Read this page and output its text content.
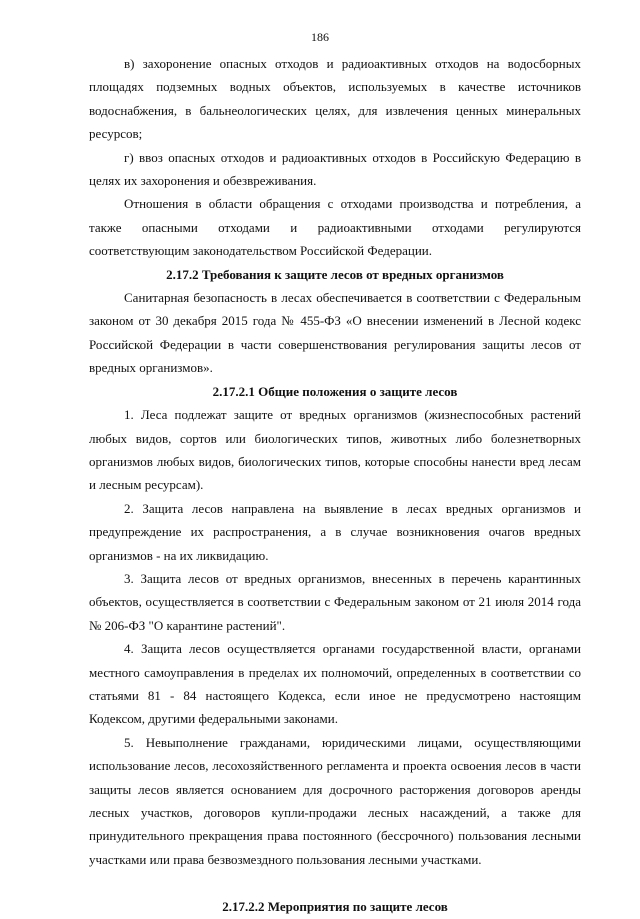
186

в) захоронение опасных отходов и радиоактивных отходов на водосборных площадях подземных водных объектов, используемых в качестве источников водоснабжения, в бальнеологических целях, для извлечения ценных минеральных ресурсов;

г) ввоз опасных отходов и радиоактивных отходов в Российскую Федерацию в целях их захоронения и обезвреживания.

Отношения в области обращения с отходами производства и потребления, а также опасными отходами и радиоактивными отходами регулируются соответствующим законодательством Российской Федерации.

2.17.2 Требования к защите лесов от вредных организмов

Санитарная безопасность в лесах обеспечивается в соответствии с Федеральным законом от 30 декабря 2015 года № 455-ФЗ «О внесении изменений в Лесной кодекс Российской Федерации в части совершенствования регулирования защиты лесов от вредных организмов».

2.17.2.1 Общие положения о защите лесов

1. Леса подлежат защите от вредных организмов (жизнеспособных растений любых видов, сортов или биологических типов, животных либо болезнетворных организмов любых видов, биологических типов, которые способны нанести вред лесам и лесным ресурсам).

2. Защита лесов направлена на выявление в лесах вредных организмов и предупреждение их распространения, а в случае возникновения очагов вредных организмов - на их ликвидацию.

3. Защита лесов от вредных организмов, внесенных в перечень карантинных объектов, осуществляется в соответствии с Федеральным законом от 21 июля 2014 года № 206-ФЗ "О карантине растений".

4. Защита лесов осуществляется органами государственной власти, органами местного самоуправления в пределах их полномочий, определенных в соответствии со статьями 81 - 84 настоящего Кодекса, если иное не предусмотрено настоящим Кодексом, другими федеральными законами.

5. Невыполнение гражданами, юридическими лицами, осуществляющими использование лесов, лесохозяйственного регламента и проекта освоения лесов в части защиты лесов является основанием для досрочного расторжения договоров аренды лесных участков, договоров купли-продажи лесных насаждений, а также для принудительного прекращения права постоянного (бессрочного) пользования лесными участками или права безвозмездного пользования лесными участками.

2.17.2.2 Мероприятия по защите лесов
